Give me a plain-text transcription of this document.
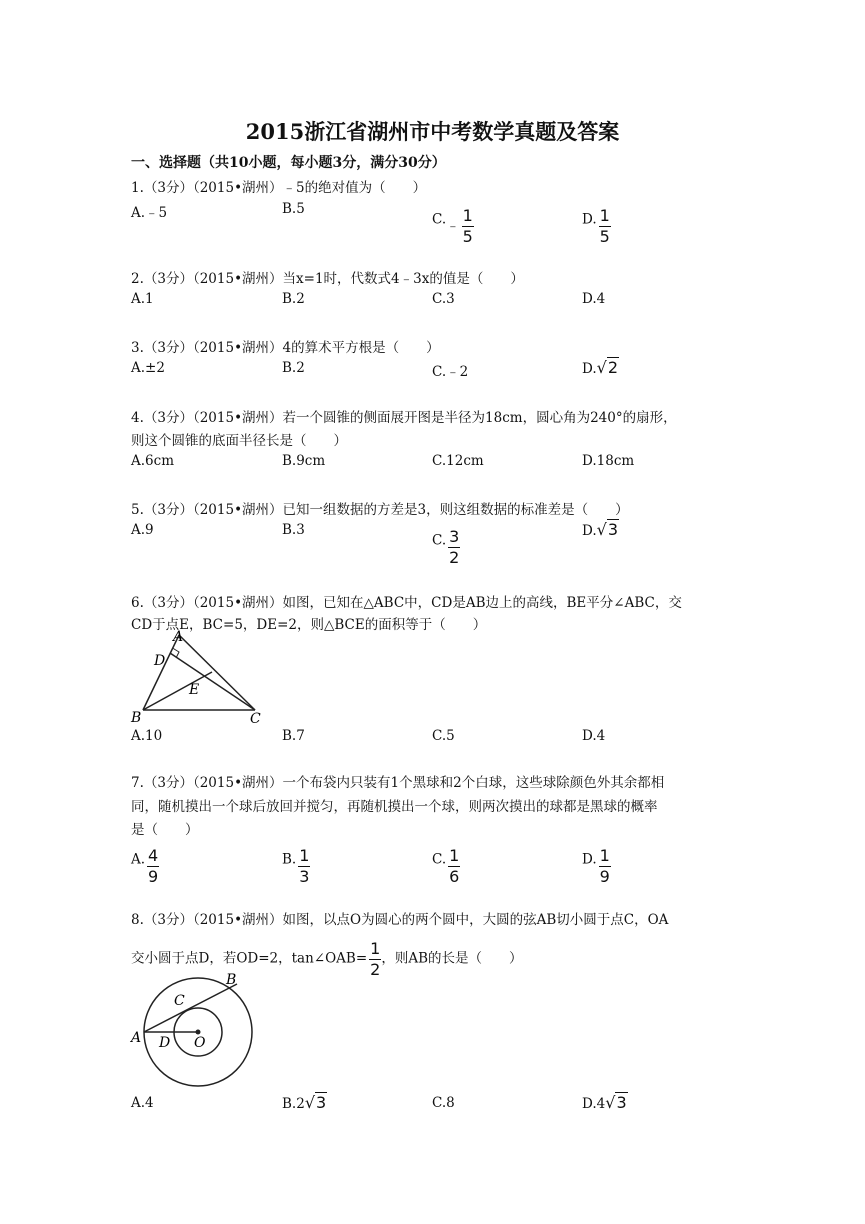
2015浙江省湖州市中考数学真题及答案
一、选择题（共10小题，每小题3分，满分30分）
1.（3分）（2015•湖州）﹣5的绝对值为（　　）
A.﹣5	B.5
C.﹣ $\frac{1}{5}$	D. $\frac{1}{5}$
2.（3分）（2015•湖州）当x=1时，代数式4﹣3x的值是（　　）
A.1	B.2	C.3	D.4
3.（3分）（2015•湖州）4的算术平方根是（　　）
A.±2	B.2	C.﹣2	D.√2
4.（3分）（2015•湖州）若一个圆锥的侧面展开图是半径为18cm，圆心角为240°的扇形，
则这个圆锥的底面半径长是（　　）
A.6cm	B.9cm	C.12cm	D.18cm
5.（3分）（2015•湖州）已知一组数据的方差是3，则这组数据的标准差是（　　）
A.9	B.3
C. $\frac{3}{2}$	D.√3
6.（3分）（2015•湖州）如图，已知在△ABC中，CD是AB边上的高线，BE平分∠ABC，交
CD于点E，BC=5，DE=2，则△BCE的面积等于（　　）
A
D
E
B	C
A.10	B.7	C.5	D.4
7.（3分）（2015•湖州）一个布袋内只装有1个黑球和2个白球，这些球除颜色外其余都相
同，随机摸出一个球后放回并搅匀，再随机摸出一个球，则两次摸出的球都是黑球的概率
是（　　）
A. $\frac{4}{9}$	B. $\frac{1}{3}$	C. $\frac{1}{6}$	D. $\frac{1}{9}$
8.（3分）（2015•湖州）如图，以点O为圆心的两个圆中，大圆的弦AB切小圆于点C，OA
交小圆于点D，若OD=2，tan∠OAB= $\frac{1}{2}$ ，则AB的长是（　　）
B
C
A D O
A.4	B.2√3	C.8	D.4√3
